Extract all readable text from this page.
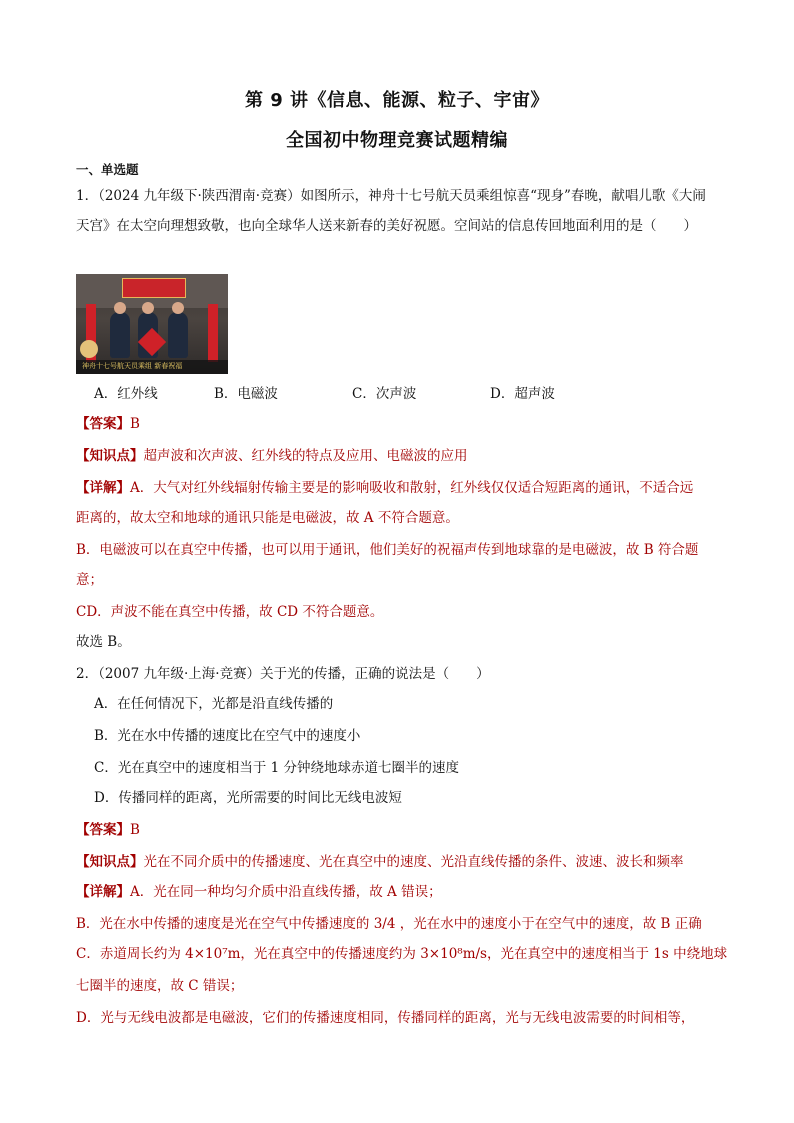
第 9 讲《信息、能源、粒子、宇宙》
全国初中物理竞赛试题精编
一、单选题
1．（2024 九年级下·陕西渭南·竞赛）如图所示，神舟十七号航天员乘组惊喜“现身”春晚，献唱儿歌《大闹
天宫》在太空向理想致敬，也向全球华人送来新春的美好祝愿。空间站的信息传回地面利用的是（　　）
神舟十七号航天员乘组 新春祝福
A．红外线	B．电磁波	C．次声波	D．超声波
【答案】B
【知识点】超声波和次声波、红外线的特点及应用、电磁波的应用
【详解】A．大气对红外线辐射传输主要是的影响吸收和散射，红外线仅仅适合短距离的通讯，不适合远
距离的，故太空和地球的通讯只能是电磁波，故 A 不符合题意。
B．电磁波可以在真空中传播，也可以用于通讯，他们美好的祝福声传到地球靠的是电磁波，故 B 符合题
意；
CD．声波不能在真空中传播，故 CD 不符合题意。
故选 B。
2．（2007 九年级·上海·竞赛）关于光的传播，正确的说法是（　　）
A．在任何情况下，光都是沿直线传播的
B．光在水中传播的速度比在空气中的速度小
C．光在真空中的速度相当于 1 分钟绕地球赤道七圈半的速度
D．传播同样的距离，光所需要的时间比无线电波短
【答案】B
【知识点】光在不同介质中的传播速度、光在真空中的速度、光沿直线传播的条件、波速、波长和频率
【详解】A．光在同一种均匀介质中沿直线传播，故 A 错误；
B．光在水中传播的速度是光在空气中传播速度的 3/4 ，光在水中的速度小于在空气中的速度，故 B 正确
C．赤道周长约为 4×10⁷m，光在真空中的传播速度约为 3×10⁸m/s，光在真空中的速度相当于 1s 中绕地球
七圈半的速度，故 C 错误；
D．光与无线电波都是电磁波，它们的传播速度相同，传播同样的距离，光与无线电波需要的时间相等，
